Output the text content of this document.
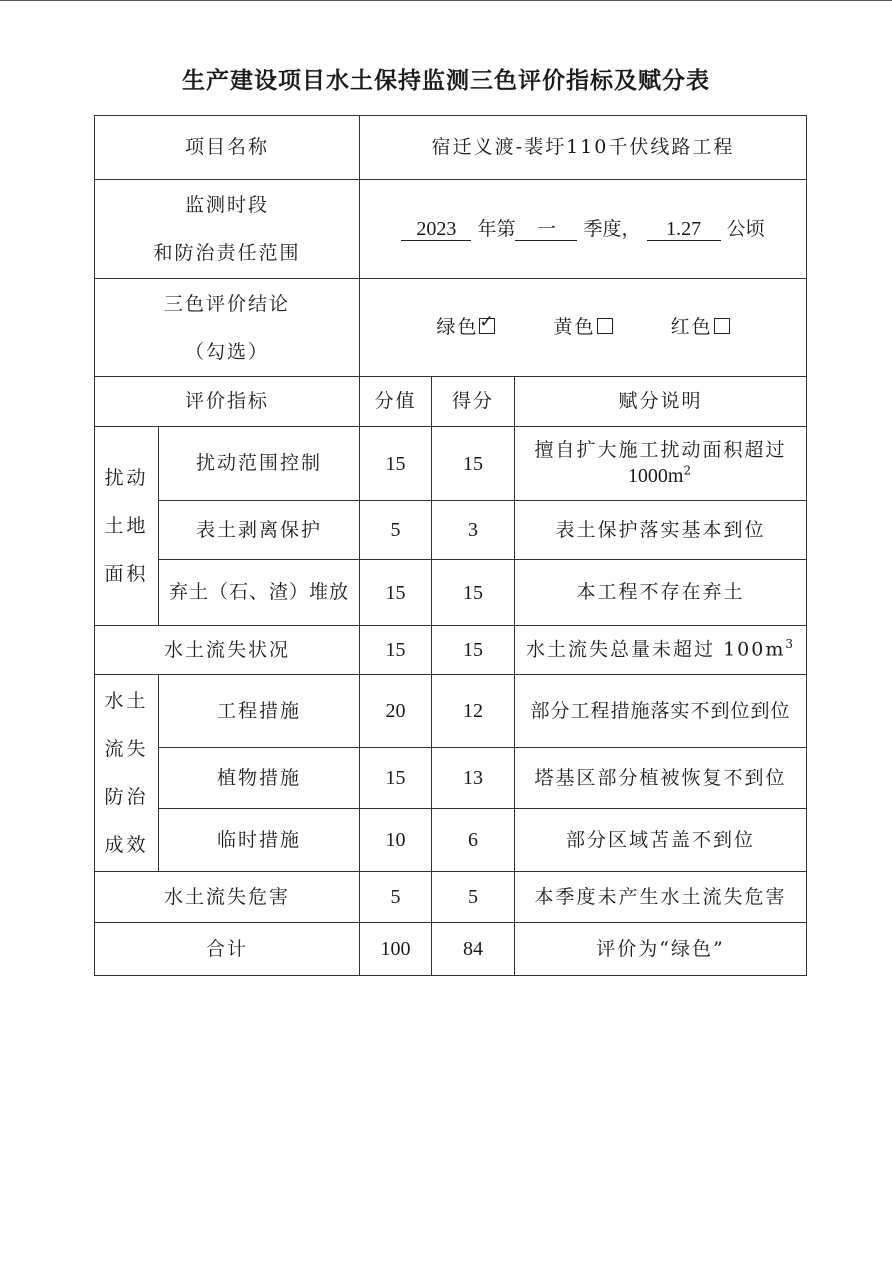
生产建设项目水土保持监测三色评价指标及赋分表
项目名称		宿迁义渡-裴圩110千伏线路工程		

监测时段
和防治责任范围		2023 年第 一 季度， 1.27 公顷		

三色评价结论
（勾选）		绿色 ✓ 黄色 红色		
评价指标		分值	得分	赋分说明

扰动
土地
面积	扰动范围控制	15	15	擅自扩大施工扰动面积超过
$1000m^2$
	表土剥离保护	5	3	表土保护落实基本到位
	弃土（石、渣）堆放	15	15	本工程不存在弃土
水土流失状况		15	15	水土流失总量未超过 $100m^3$

水土
流失
防治
成效	工程措施	20	12	部分工程措施落实不到位到位
	植物措施	15	13	塔基区部分植被恢复不到位
	临时措施	10	6	部分区域苫盖不到位
水土流失危害		5	5	本季度未产生水土流失危害
合计		100	84	评价为“绿色”
